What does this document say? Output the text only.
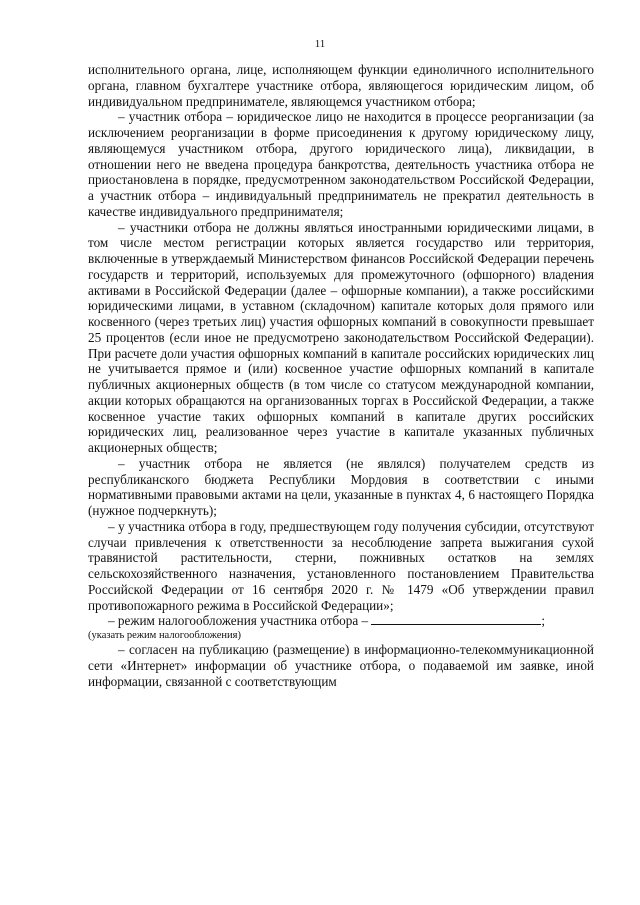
11

исполнительного органа, лице, исполняющем функции единоличного исполнительного органа, главном бухгалтере участнике отбора, являющегося юридическим лицом, об индивидуальном предпринимателе, являющемся участником отбора;

– участник отбора – юридическое лицо не находится в процессе реорганизации (за исключением реорганизации в форме присоединения к другому юридическому лицу, являющемуся участником отбора, другого юридического лица), ликвидации, в отношении него не введена процедура банкротства, деятельность участника отбора не приостановлена в порядке, предусмотренном законодательством Российской Федерации, а участник отбора – индивидуальный предприниматель не прекратил деятельность в качестве индивидуального предпринимателя;

– участники отбора не должны являться иностранными юридическими лицами, в том числе местом регистрации которых является государство или территория, включенные в утверждаемый Министерством финансов Российской Федерации перечень государств и территорий, используемых для промежуточного (офшорного) владения активами в Российской Федерации (далее – офшорные компании), а также российскими юридическими лицами, в уставном (складочном) капитале которых доля прямого или косвенного (через третьих лиц) участия офшорных компаний в совокупности превышает 25 процентов (если иное не предусмотрено законодательством Российской Федерации). При расчете доли участия офшорных компаний в капитале российских юридических лиц не учитывается прямое и (или) косвенное участие офшорных компаний в капитале публичных акционерных обществ (в том числе со статусом международной компании, акции которых обращаются на организованных торгах в Российской Федерации, а также косвенное участие таких офшорных компаний в капитале других российских юридических лиц, реализованное через участие в капитале указанных публичных акционерных обществ;

– участник отбора не является (не являлся) получателем средств из республиканского бюджета Республики Мордовия в соответствии с иными нормативными правовыми актами на цели, указанные в пунктах 4, 6 настоящего Порядка (нужное подчеркнуть);

– у участника отбора в году, предшествующем году получения субсидии, отсутствуют случаи привлечения к ответственности за несоблюдение запрета выжигания сухой травянистой растительности, стерни, пожнивных остатков на землях сельскохозяйственного назначения, установленного постановлением Правительства Российской Федерации от 16 сентября 2020 г. № 1479 «Об утверждении правил противопожарного режима в Российской Федерации»;

– режим налогообложения участника отбора –	;

(указать режим налогообложения)

– согласен на публикацию (размещение) в информационно-телекоммуникационной сети «Интернет» информации об участнике отбора, о подаваемой им заявке, иной информации, связанной с соответствующим
